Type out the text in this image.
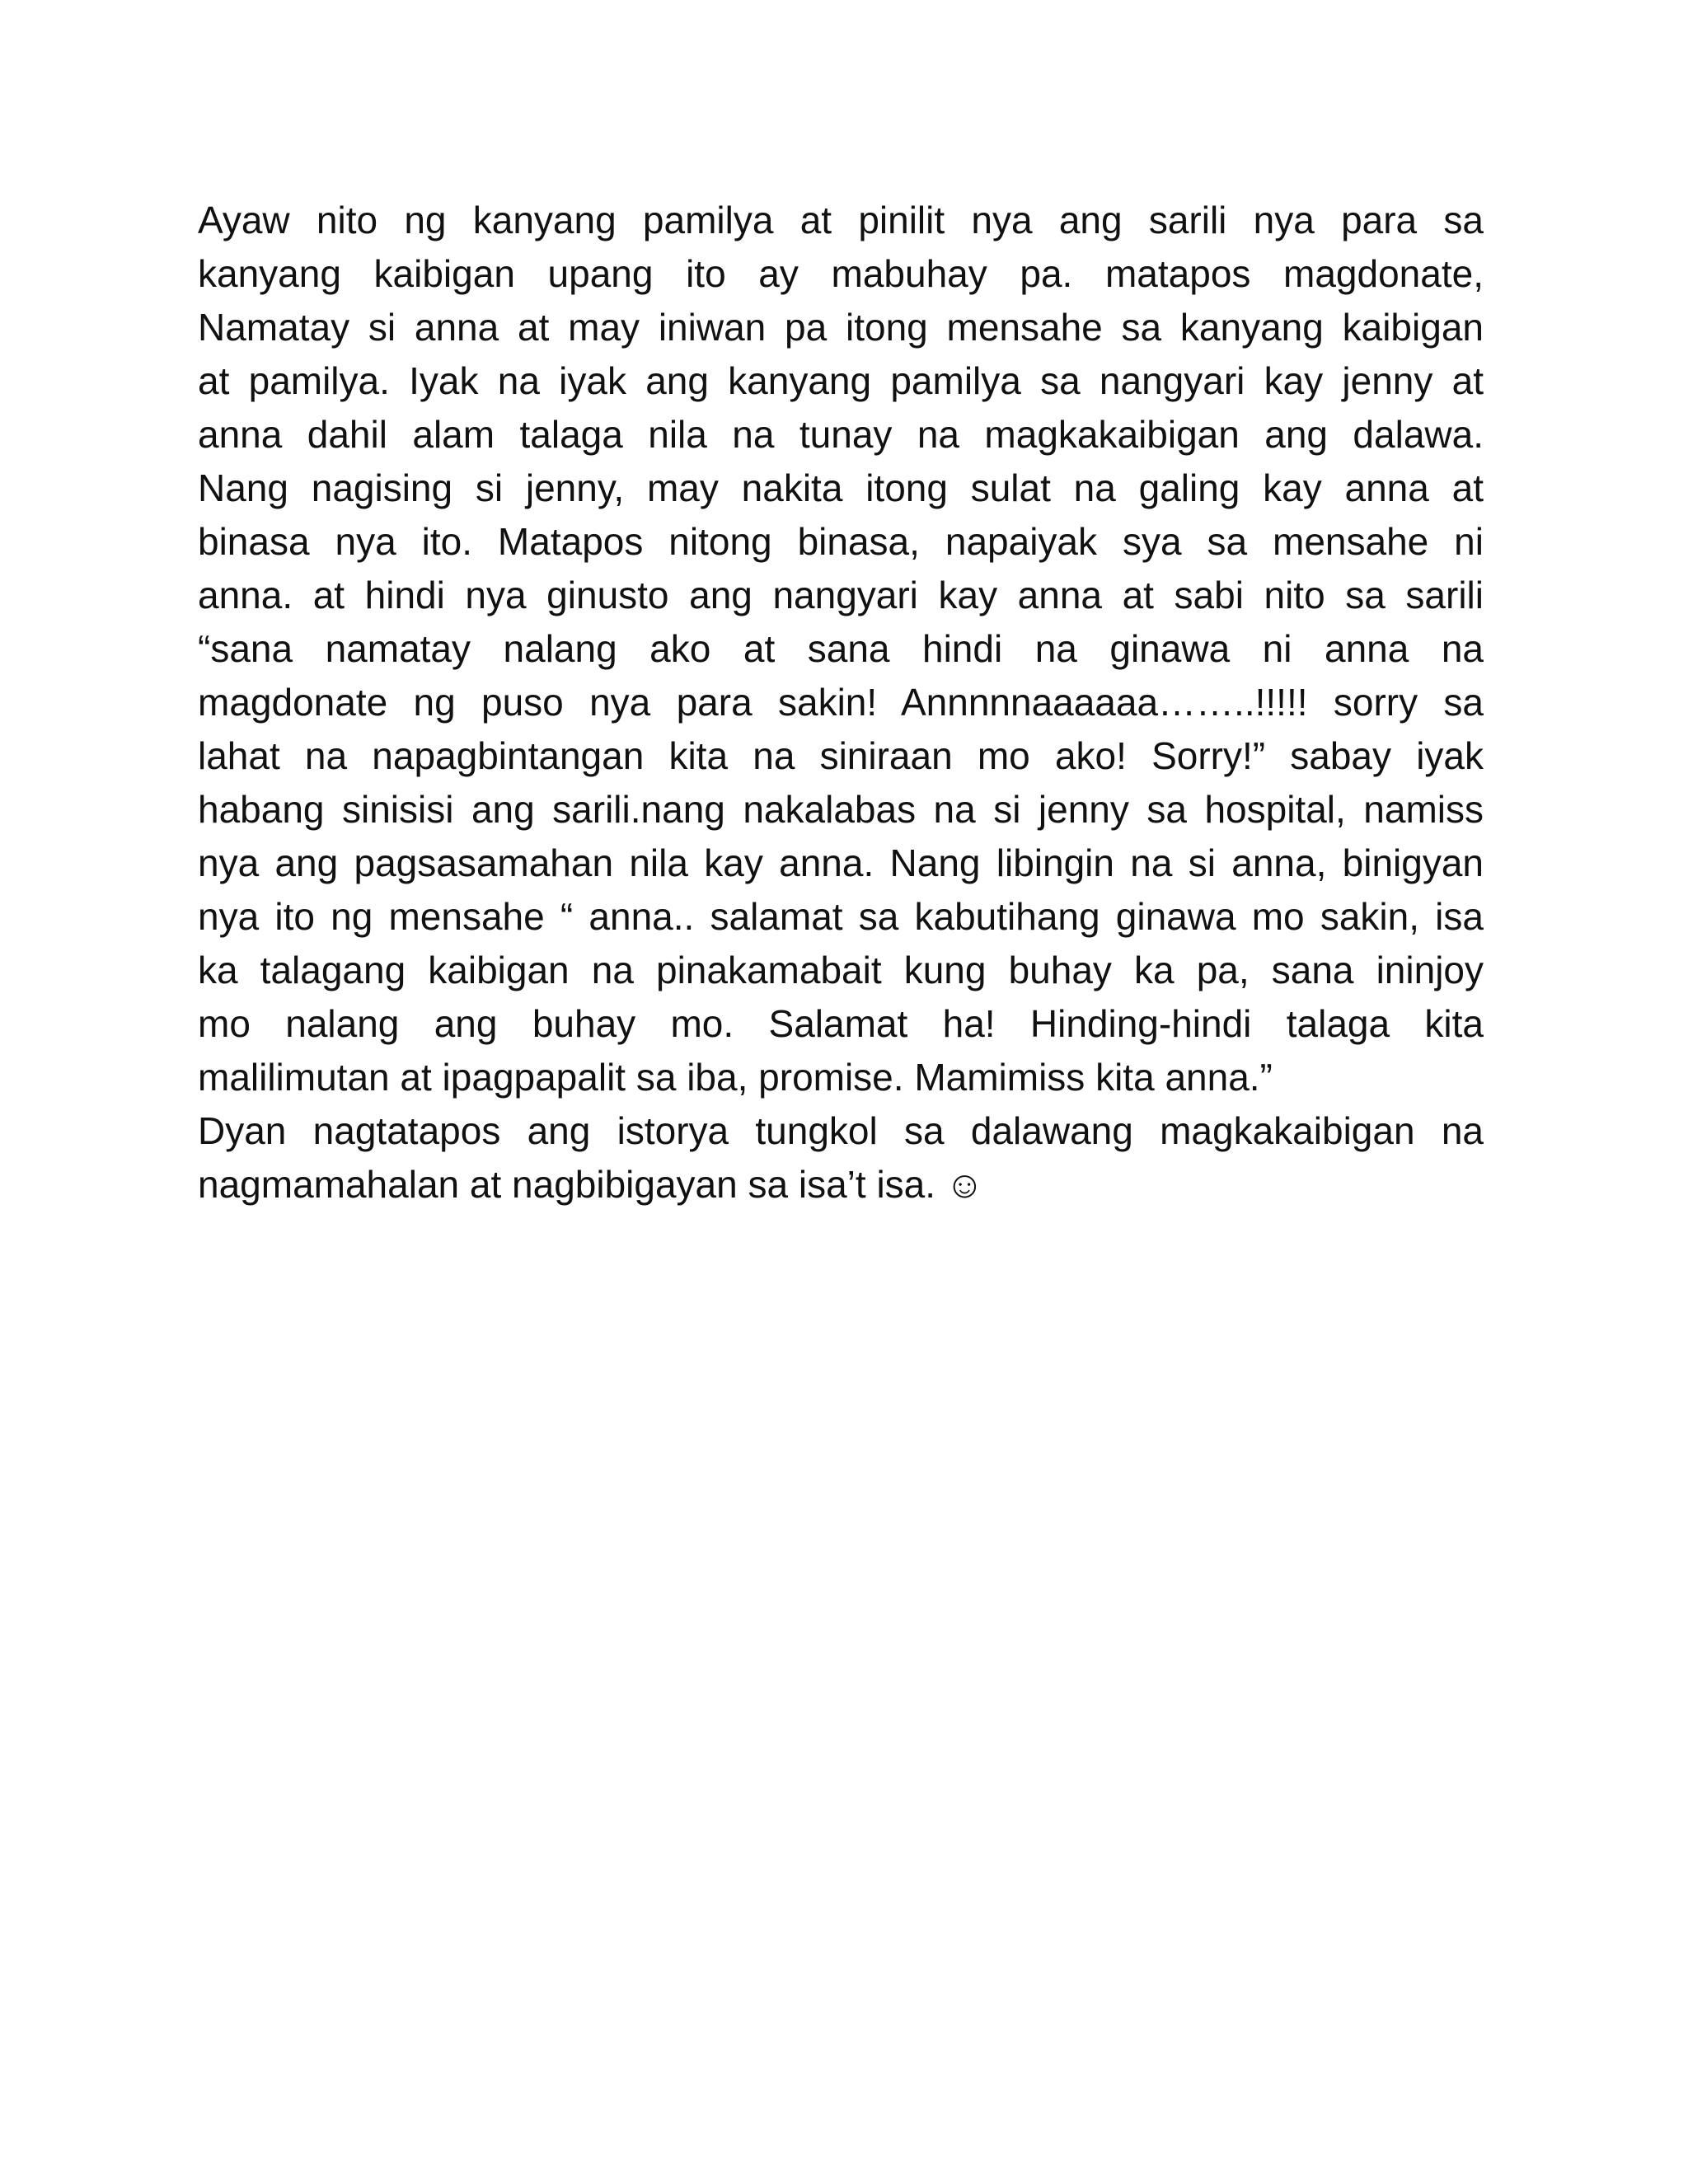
Ayaw nito ng kanyang pamilya at pinilit nya ang sarili nya para sa
kanyang kaibigan upang ito ay mabuhay pa. matapos magdonate,
Namatay si anna at may iniwan pa itong mensahe sa kanyang kaibigan
at pamilya. Iyak na iyak ang kanyang pamilya sa nangyari kay jenny at
anna dahil alam talaga nila na tunay na magkakaibigan ang dalawa.
Nang nagising si jenny, may nakita itong sulat na galing kay anna at
binasa nya ito. Matapos nitong binasa, napaiyak sya sa mensahe ni
anna. at hindi nya ginusto ang nangyari kay anna at sabi nito sa sarili
“sana namatay nalang ako at sana hindi na ginawa ni anna na
magdonate ng puso nya para sakin! Annnnnaaaaaa……..!!!!! sorry sa
lahat na napagbintangan kita na siniraan mo ako! Sorry!” sabay iyak
habang sinisisi ang sarili.nang nakalabas na si jenny sa hospital, namiss
nya ang pagsasamahan nila kay anna. Nang libingin na si anna, binigyan
nya ito ng mensahe “ anna.. salamat sa kabutihang ginawa mo sakin, isa
ka talagang kaibigan na pinakamabait kung buhay ka pa, sana ininjoy
mo nalang ang buhay mo. Salamat ha! Hinding-hindi talaga kita
malilimutan at ipagpapalit sa iba, promise. Mamimiss kita anna.”
Dyan nagtatapos ang istorya tungkol sa dalawang magkakaibigan na
nagmamahalan at nagbibigayan sa isa’t isa. ☺
